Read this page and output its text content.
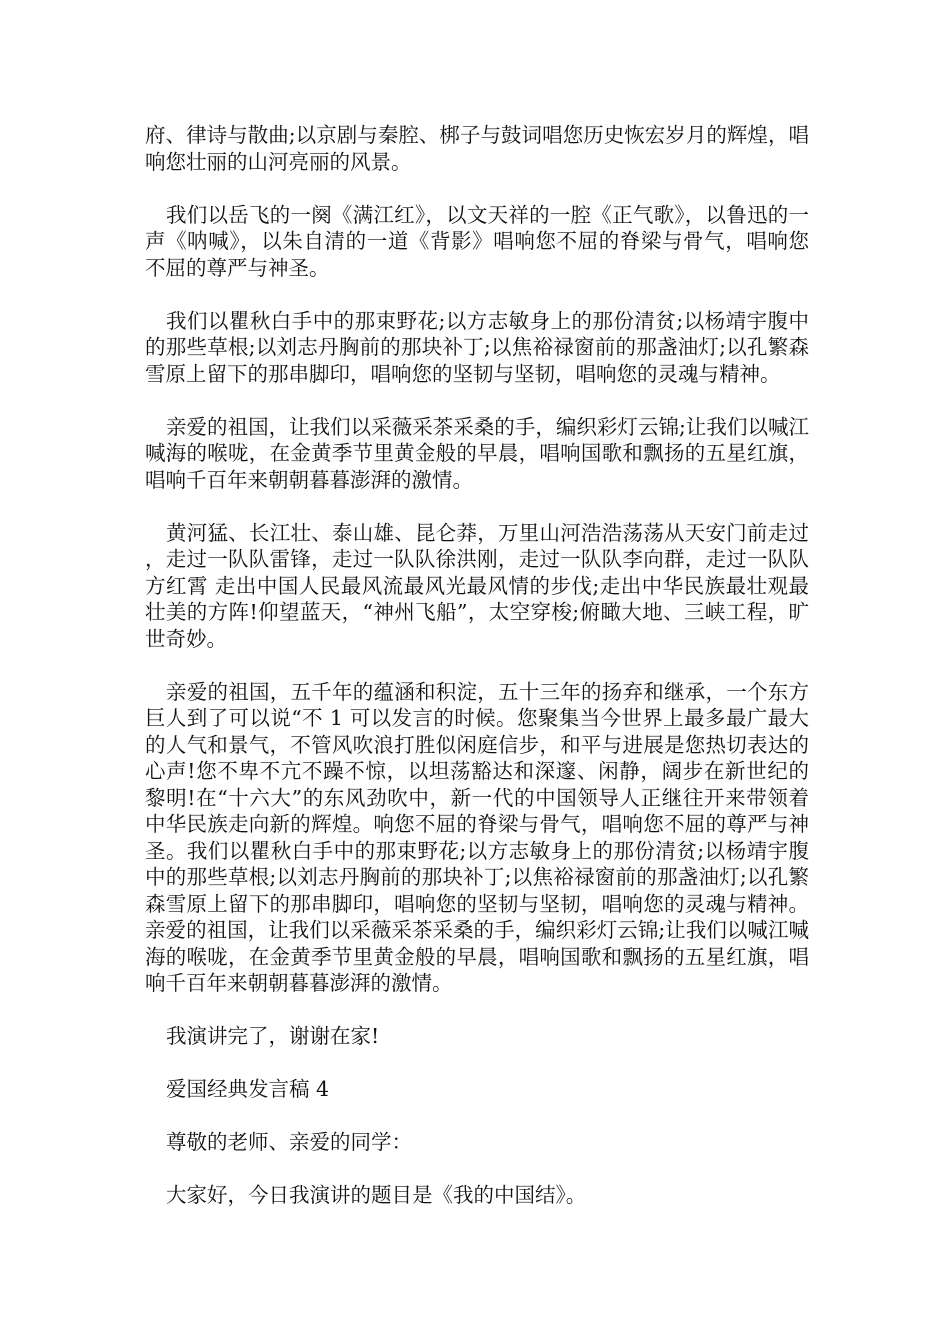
府、律诗与散曲;以京剧与秦腔、梆子与鼓词唱您历史恢宏岁月的辉煌，唱响您壮丽的山河亮丽的风景。

我们以岳飞的一阕《满江红》，以文天祥的一腔《正气歌》，以鲁迅的一声《呐喊》，以朱自清的一道《背影》唱响您不屈的脊梁与骨气，唱响您不屈的尊严与神圣。

我们以瞿秋白手中的那束野花;以方志敏身上的那份清贫;以杨靖宇腹中的那些草根;以刘志丹胸前的那块补丁;以焦裕禄窗前的那盏油灯;以孔繁森雪原上留下的那串脚印，唱响您的坚韧与坚韧，唱响您的灵魂与精神。

亲爱的祖国，让我们以采薇采茶采桑的手，编织彩灯云锦;让我们以喊江喊海的喉咙，在金黄季节里黄金般的早晨，唱响国歌和飘扬的五星红旗，唱响千百年来朝朝暮暮澎湃的激情。

黄河猛、长江壮、泰山雄、昆仑莽，万里山河浩浩荡荡从天安门前走过，走过一队队雷锋，走过一队队徐洪刚，走过一队队李向群，走过一队队方红霄 走出中国人民最风流最风光最风情的步伐;走出中华民族最壮观最壮美的方阵!仰望蓝天，“神州飞船”，太空穿梭;俯瞰大地、三峡工程，旷世奇妙。

亲爱的祖国，五千年的蕴涵和积淀，五十三年的扬弃和继承，一个东方巨人到了可以说“不 1 可以发言的时候。您聚集当今世界上最多最广最大的人气和景气，不管风吹浪打胜似闲庭信步，和平与进展是您热切表达的心声!您不卑不亢不躁不惊，以坦荡豁达和深邃、闲静，阔步在新世纪的黎明!在“十六大”的东风劲吹中，新一代的中国领导人正继往开来带领着中华民族走向新的辉煌。响您不屈的脊梁与骨气，唱响您不屈的尊严与神圣。我们以瞿秋白手中的那束野花;以方志敏身上的那份清贫;以杨靖宇腹中的那些草根;以刘志丹胸前的那块补丁;以焦裕禄窗前的那盏油灯;以孔繁森雪原上留下的那串脚印，唱响您的坚韧与坚韧，唱响您的灵魂与精神。亲爱的祖国，让我们以采薇采茶采桑的手，编织彩灯云锦;让我们以喊江喊海的喉咙，在金黄季节里黄金般的早晨，唱响国歌和飘扬的五星红旗，唱响千百年来朝朝暮暮澎湃的激情。

我演讲完了，谢谢在家!

爱国经典发言稿 4

尊敬的老师、亲爱的同学：

大家好，今日我演讲的题目是《我的中国结》。
